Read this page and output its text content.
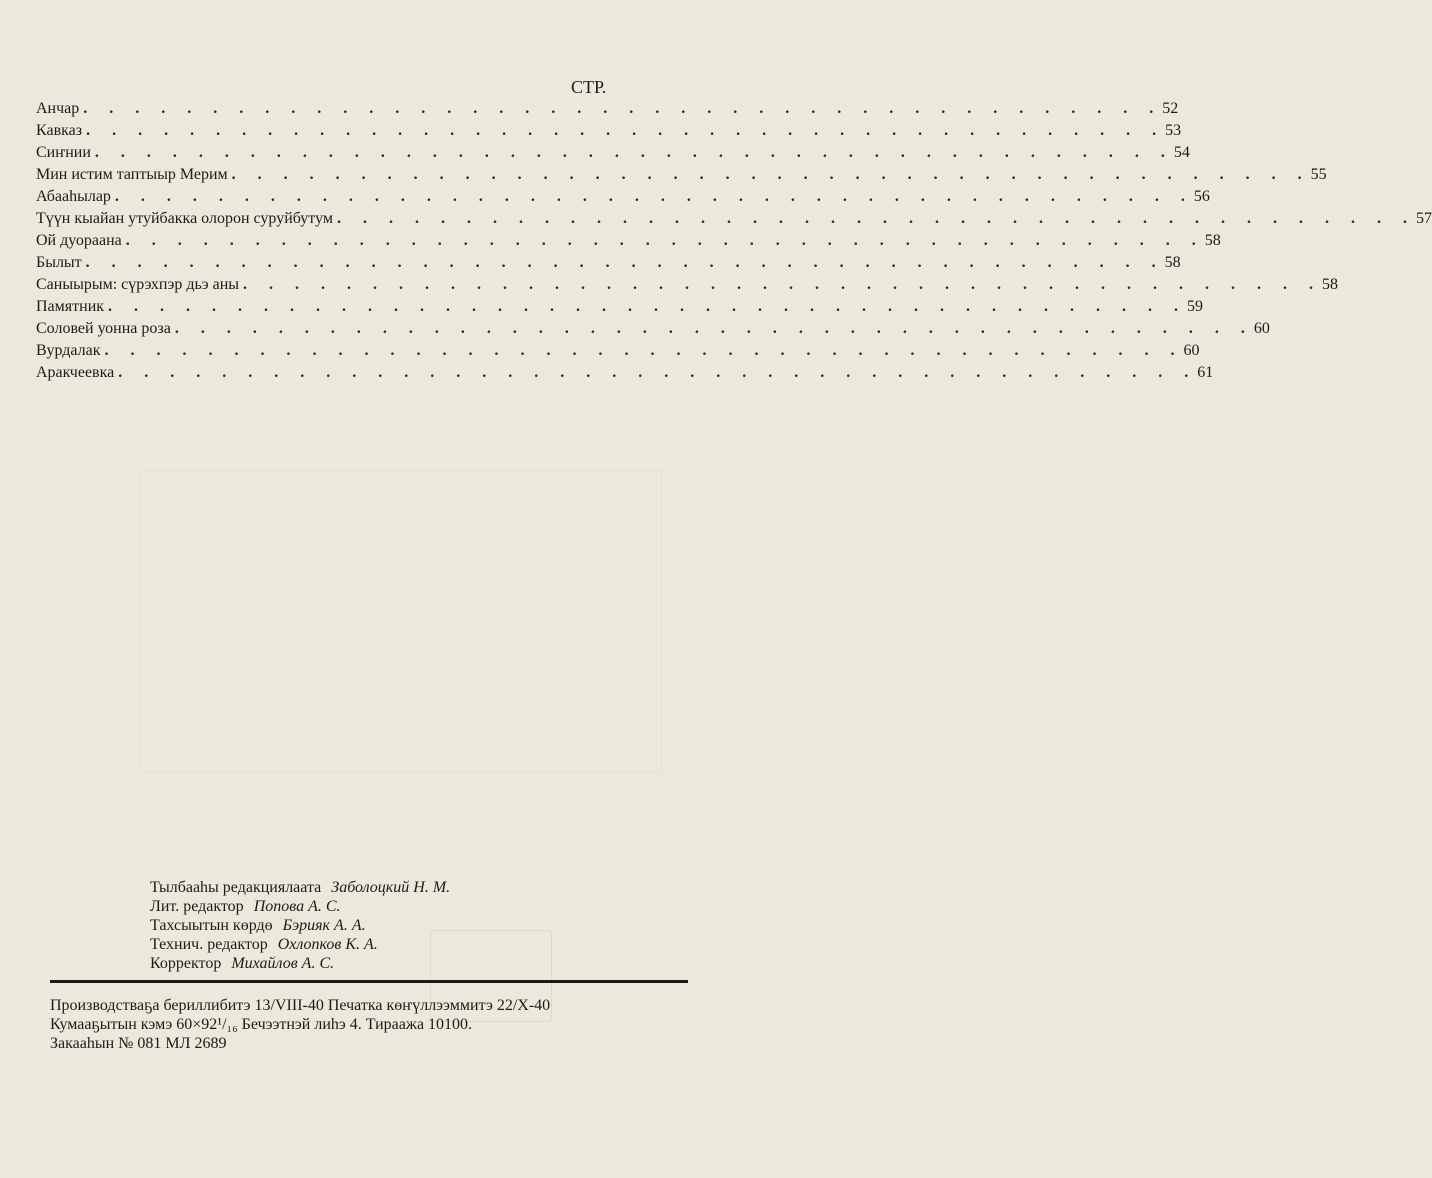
СТР.
Анчар . . . . . . . . . . . . . . . . . . . . . . . . . . . . . . . . . . . . . . . . . . 52
Кавказ . . . . . . . . . . . . . . . . . . . . . . . . . . . . . . . . . . . . . . . . . . 53
Сиҥнии . . . . . . . . . . . . . . . . . . . . . . . . . . . . . . . . . . . . . . . . . . 54
Мин истим таптыыр Мерим . . . . . . . . . . . . . . . . . . . . . . . . . . . . . . . . . . . . . . . . . . 55
Абааһылар . . . . . . . . . . . . . . . . . . . . . . . . . . . . . . . . . . . . . . . . . . 56
Түүн кыайан утуйбакка олорон суруйбутум . . . . . . . . . . . . . . . . . . . . . . . . . . . . . . . . . . . . . . . . . . 57
Ой дуораана . . . . . . . . . . . . . . . . . . . . . . . . . . . . . . . . . . . . . . . . . . 58
Былыт . . . . . . . . . . . . . . . . . . . . . . . . . . . . . . . . . . . . . . . . . . 58
Саныырым: сүрэхпэр дьэ аны . . . . . . . . . . . . . . . . . . . . . . . . . . . . . . . . . . . . . . . . . . 58
Памятник . . . . . . . . . . . . . . . . . . . . . . . . . . . . . . . . . . . . . . . . . . 59
Соловей уонна роза . . . . . . . . . . . . . . . . . . . . . . . . . . . . . . . . . . . . . . . . . . 60
Вурдалак . . . . . . . . . . . . . . . . . . . . . . . . . . . . . . . . . . . . . . . . . . 60
Аракчеевка . . . . . . . . . . . . . . . . . . . . . . . . . . . . . . . . . . . . . . . . . . 61
Тылбааһы редакциялаата Заболоцкий Н. М.
Лит. редактор Попова А. С.
Тахсыытын көрдө Бэрияк А. А.
Технич. редактор Охлопков К. А.
Корректор Михайлов А. С.
Производстваҕа бериллибитэ 13/VIII-40 Печатка көҥүллээммитэ 22/X-40
Кумааҕытын кэмэ 60×92¹/₁₆ Бечээтнэй лиһэ 4. Тираажа 10100.
Закааһын № 081 МЛ 2689
